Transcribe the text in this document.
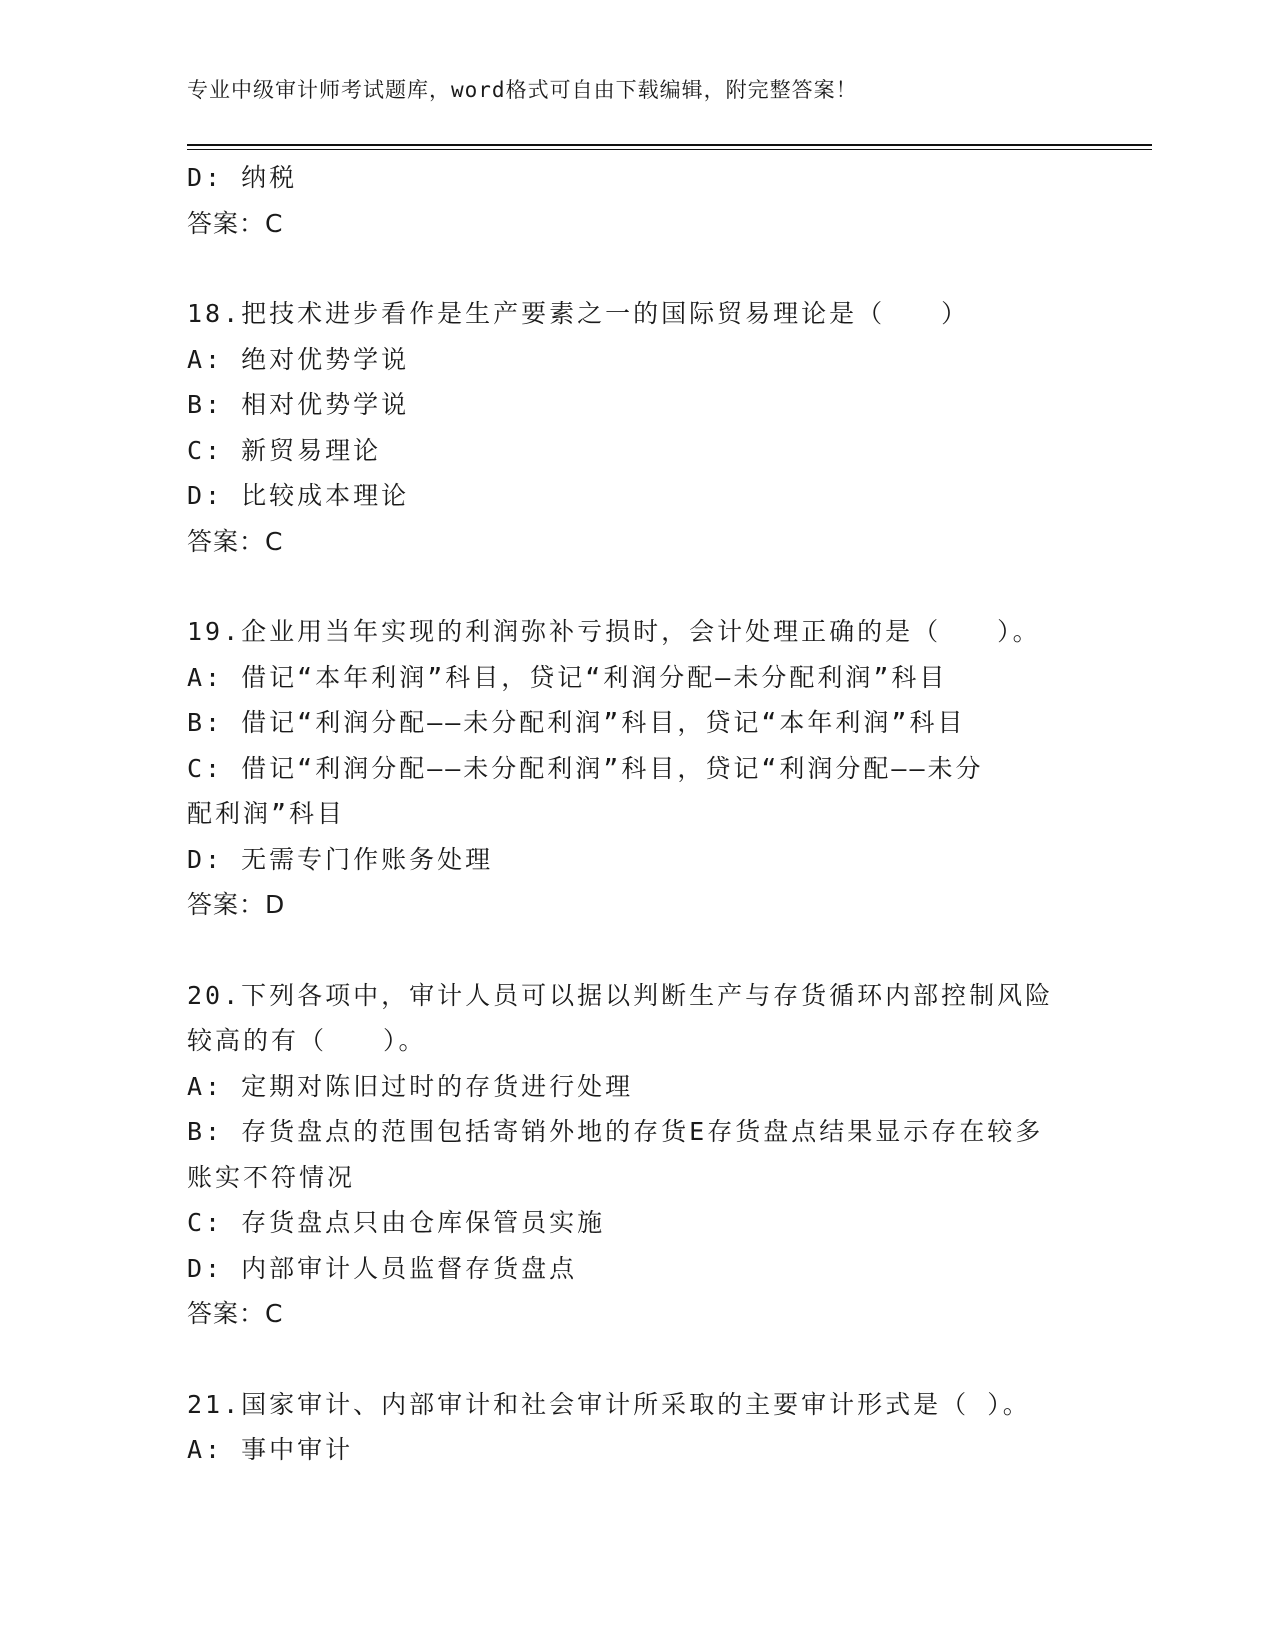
专业中级审计师考试题库，word格式可自由下载编辑，附完整答案！
D: 纳税
答案：C
18.把技术进步看作是生产要素之一的国际贸易理论是（　　）
A: 绝对优势学说
B: 相对优势学说
C: 新贸易理论
D: 比较成本理论
答案：C
19.企业用当年实现的利润弥补亏损时，会计处理正确的是（　　）。
A: 借记“本年利润”科目，贷记“利润分配—未分配利润”科目
B: 借记“利润分配——未分配利润”科目，贷记“本年利润”科目
C: 借记“利润分配——未分配利润”科目，贷记“利润分配——未分
配利润”科目
D: 无需专门作账务处理
答案：D
20.下列各项中，审计人员可以据以判断生产与存货循环内部控制风险
较高的有（　　）。
A: 定期对陈旧过时的存货进行处理
B: 存货盘点的范围包括寄销外地的存货E存货盘点结果显示存在较多
账实不符情况
C: 存货盘点只由仓库保管员实施
D: 内部审计人员监督存货盘点
答案：C
21.国家审计、内部审计和社会审计所采取的主要审计形式是（ ）。
A: 事中审计
